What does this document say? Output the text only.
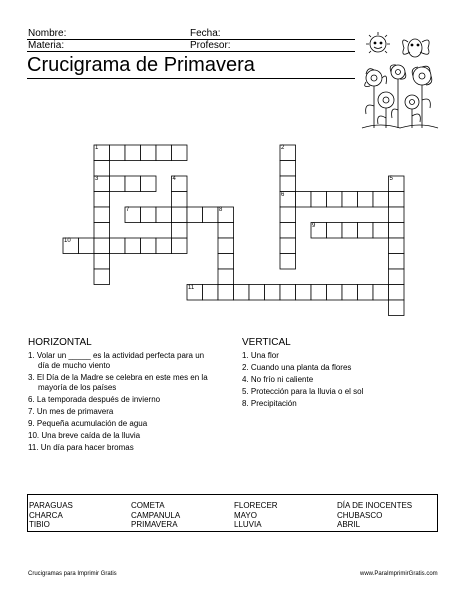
Nombre:	Fecha:
Materia:	Profesor:
Crucigrama de Primavera
1	2
3	4	5
6
7	8
9
10
11
HORIZONTAL
1. Volar un _____ es la actividad perfecta para un
día de mucho viento
3. El Día de la Madre se celebra en este mes en la
mayoría de los países
6. La temporada después de invierno
7. Un mes de primavera
9. Pequeña acumulación de agua
10. Una breve caída de la lluvia
11. Un día para hacer bromas
VERTICAL
1. Una flor
2. Cuando una planta da flores
4. No frío ni caliente
5. Protección para la lluvia o el sol
8. Precipitación
PARAGUAS	COMETA	FLORECER	DÍA DE INOCENTES
CHARCA	CAMPANULA	MAYO	CHUBASCO
TIBIO	PRIMAVERA	LLUVIA	ABRIL
Crucigramas para Imprimir Gratis	www.ParaImprimirGratis.com
